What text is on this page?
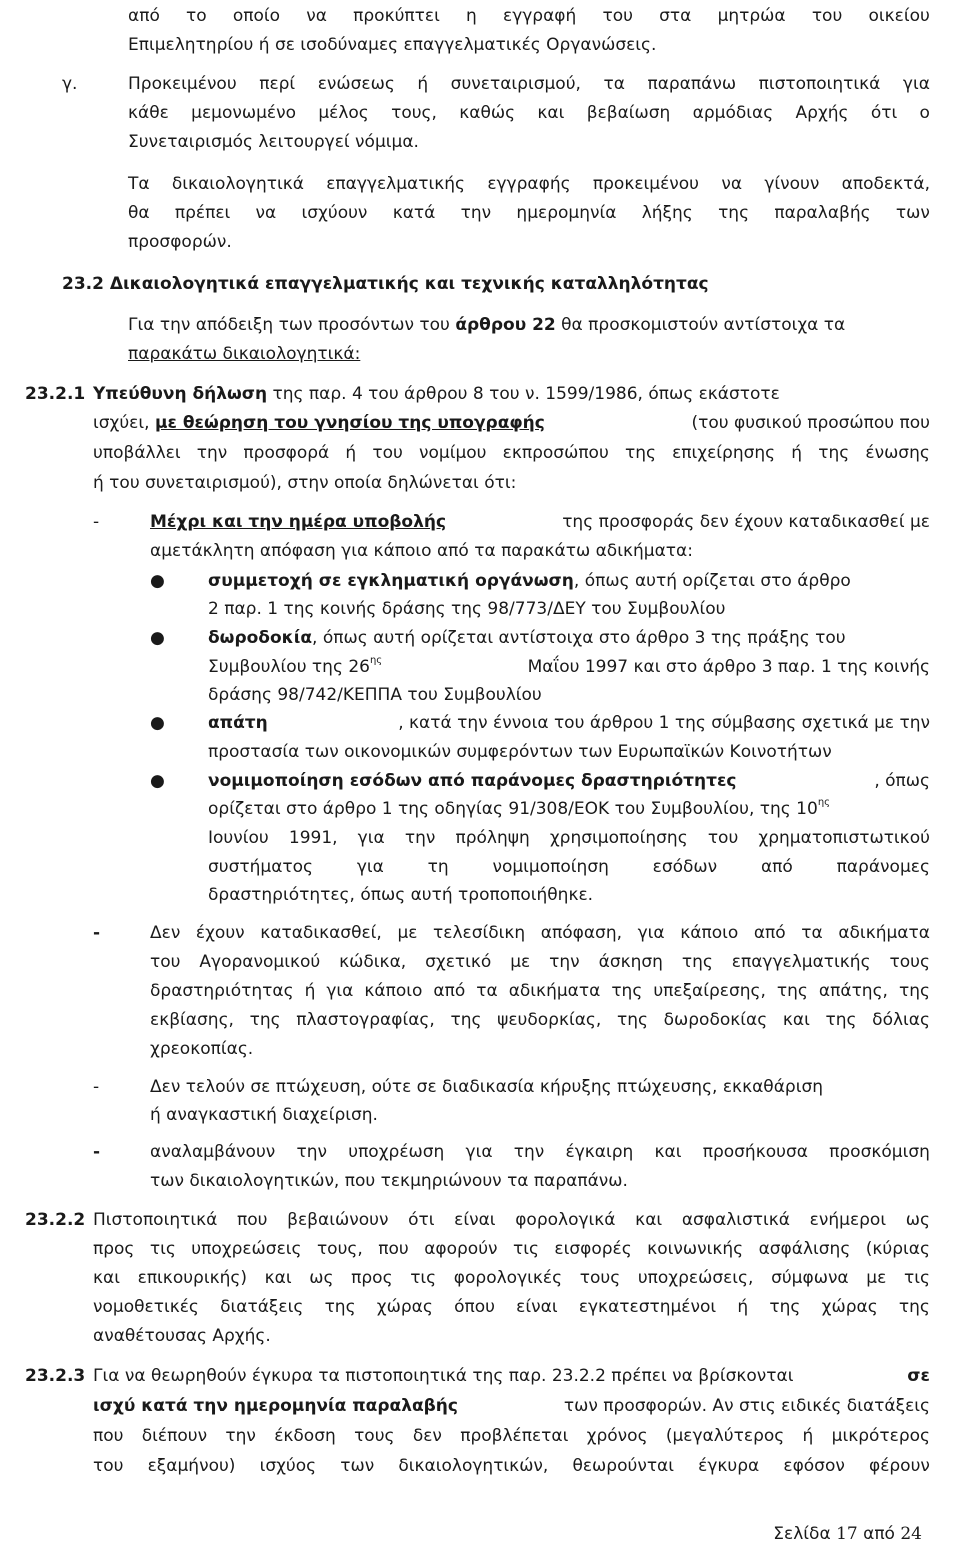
από το οποίο να προκύπτει η εγγραφή του στα μητρώα του οικείου
Επιμελητηρίου ή σε ισοδύναμες επαγγελματικές Οργανώσεις.
γ.	Προκειμένου περί ενώσεως ή συνεταιρισμού, τα παραπάνω πιστοποιητικά για
κάθε μεμονωμένο μέλος τους, καθώς και βεβαίωση αρμόδιας Αρχής ότι ο
Συνεταιρισμός λειτουργεί νόμιμα.
Τα δικαιολογητικά επαγγελματικής εγγραφής προκειμένου να γίνουν αποδεκτά,
θα πρέπει να ισχύουν κατά την ημερομηνία λήξης της παραλαβής των
προσφορών.
23.2 Δικαιολογητικά επαγγελματικής και τεχνικής καταλληλότητας
Για την απόδειξη των προσόντων του άρθρου 22 θα προσκομιστούν αντίστοιχα τα
παρακάτω δικαιολογητικά:
23.2.1 Υπεύθυνη δήλωση της παρ. 4 του άρθρου 8 του ν. 1599/1986, όπως εκάστοτε
ισχύει, με θεώρηση του γνησίου της υπογραφής	(του φυσικού προσώπου που
υποβάλλει την προσφορά ή του νομίμου εκπροσώπου της επιχείρησης ή της ένωσης
ή του συνεταιρισμού), στην οποία δηλώνεται ότι:
-	Μέχρι και την ημέρα υποβολής	της προσφοράς δεν έχουν καταδικασθεί με
αμετάκλητη απόφαση για κάποιο από τα παρακάτω αδικήματα:
●	συμμετοχή σε εγκληματική οργάνωση, όπως αυτή ορίζεται στο άρθρο
2 παρ. 1 της κοινής δράσης της 98/773/ΔΕΥ του Συμβουλίου
●	δωροδοκία, όπως αυτή ορίζεται αντίστοιχα στο άρθρο 3 της πράξης του
Συμβουλίου της $26^{\eta\varsigma}$	Μαΐου 1997 και στο άρθρο 3 παρ. 1 της κοινής
δράσης 98/742/ΚΕΠΠΑ του Συμβουλίου
●	απάτη	, κατά την έννοια του άρθρου 1 της σύμβασης σχετικά με την
προστασία των οικονομικών συμφερόντων των Ευρωπαϊκών Κοινοτήτων
●	νομιμοποίηση εσόδων από παράνομες δραστηριότητες	, όπως
ορίζεται στο άρθρο 1 της οδηγίας 91/308/ΕΟΚ του Συμβουλίου, της $10^{\eta\varsigma}$
Ιουνίου 1991, για την πρόληψη χρησιμοποίησης του χρηματοπιστωτικού
συστήματος	για	τη	νομιμοποίηση	εσόδων	από	παράνομες
δραστηριότητες, όπως αυτή τροποποιήθηκε.
-	Δεν έχουν καταδικασθεί, με τελεσίδικη απόφαση, για κάποιο από τα αδικήματα
του Αγορανομικού κώδικα, σχετικό με την άσκηση της επαγγελματικής τους
δραστηριότητας ή για κάποιο από τα αδικήματα της υπεξαίρεσης, της απάτης, της
εκβίασης, της πλαστογραφίας, της ψευδορκίας, της δωροδοκίας και της δόλιας
χρεοκοπίας.
-	Δεν τελούν σε πτώχευση, ούτε σε διαδικασία κήρυξης πτώχευσης, εκκαθάριση
ή αναγκαστική διαχείριση.
-	αναλαμβάνουν την υποχρέωση για την έγκαιρη και προσήκουσα προσκόμιση
των δικαιολογητικών, που τεκμηριώνουν τα παραπάνω.
23.2.2 Πιστοποιητικά που βεβαιώνουν ότι είναι φορολογικά και ασφαλιστικά ενήμεροι ως
προς τις υποχρεώσεις τους, που αφορούν τις εισφορές κοινωνικής ασφάλισης (κύριας
και επικουρικής) και ως προς τις φορολογικές τους υποχρεώσεις, σύμφωνα με τις
νομοθετικές διατάξεις της χώρας όπου είναι εγκατεστημένοι ή της χώρας της
αναθέτουσας Αρχής.
23.2.3 Για να θεωρηθούν έγκυρα τα πιστοποιητικά της παρ. 23.2.2 πρέπει να βρίσκονται	σε
ισχύ κατά την ημερομηνία παραλαβής	των προσφορών. Αν στις ειδικές διατάξεις
που διέπουν την έκδοση τους δεν προβλέπεται χρόνος (μεγαλύτερος ή μικρότερος
του εξαμήνου) ισχύος των δικαιολογητικών, θεωρούνται έγκυρα εφόσον φέρουν
Σελίδα 17 από 24
